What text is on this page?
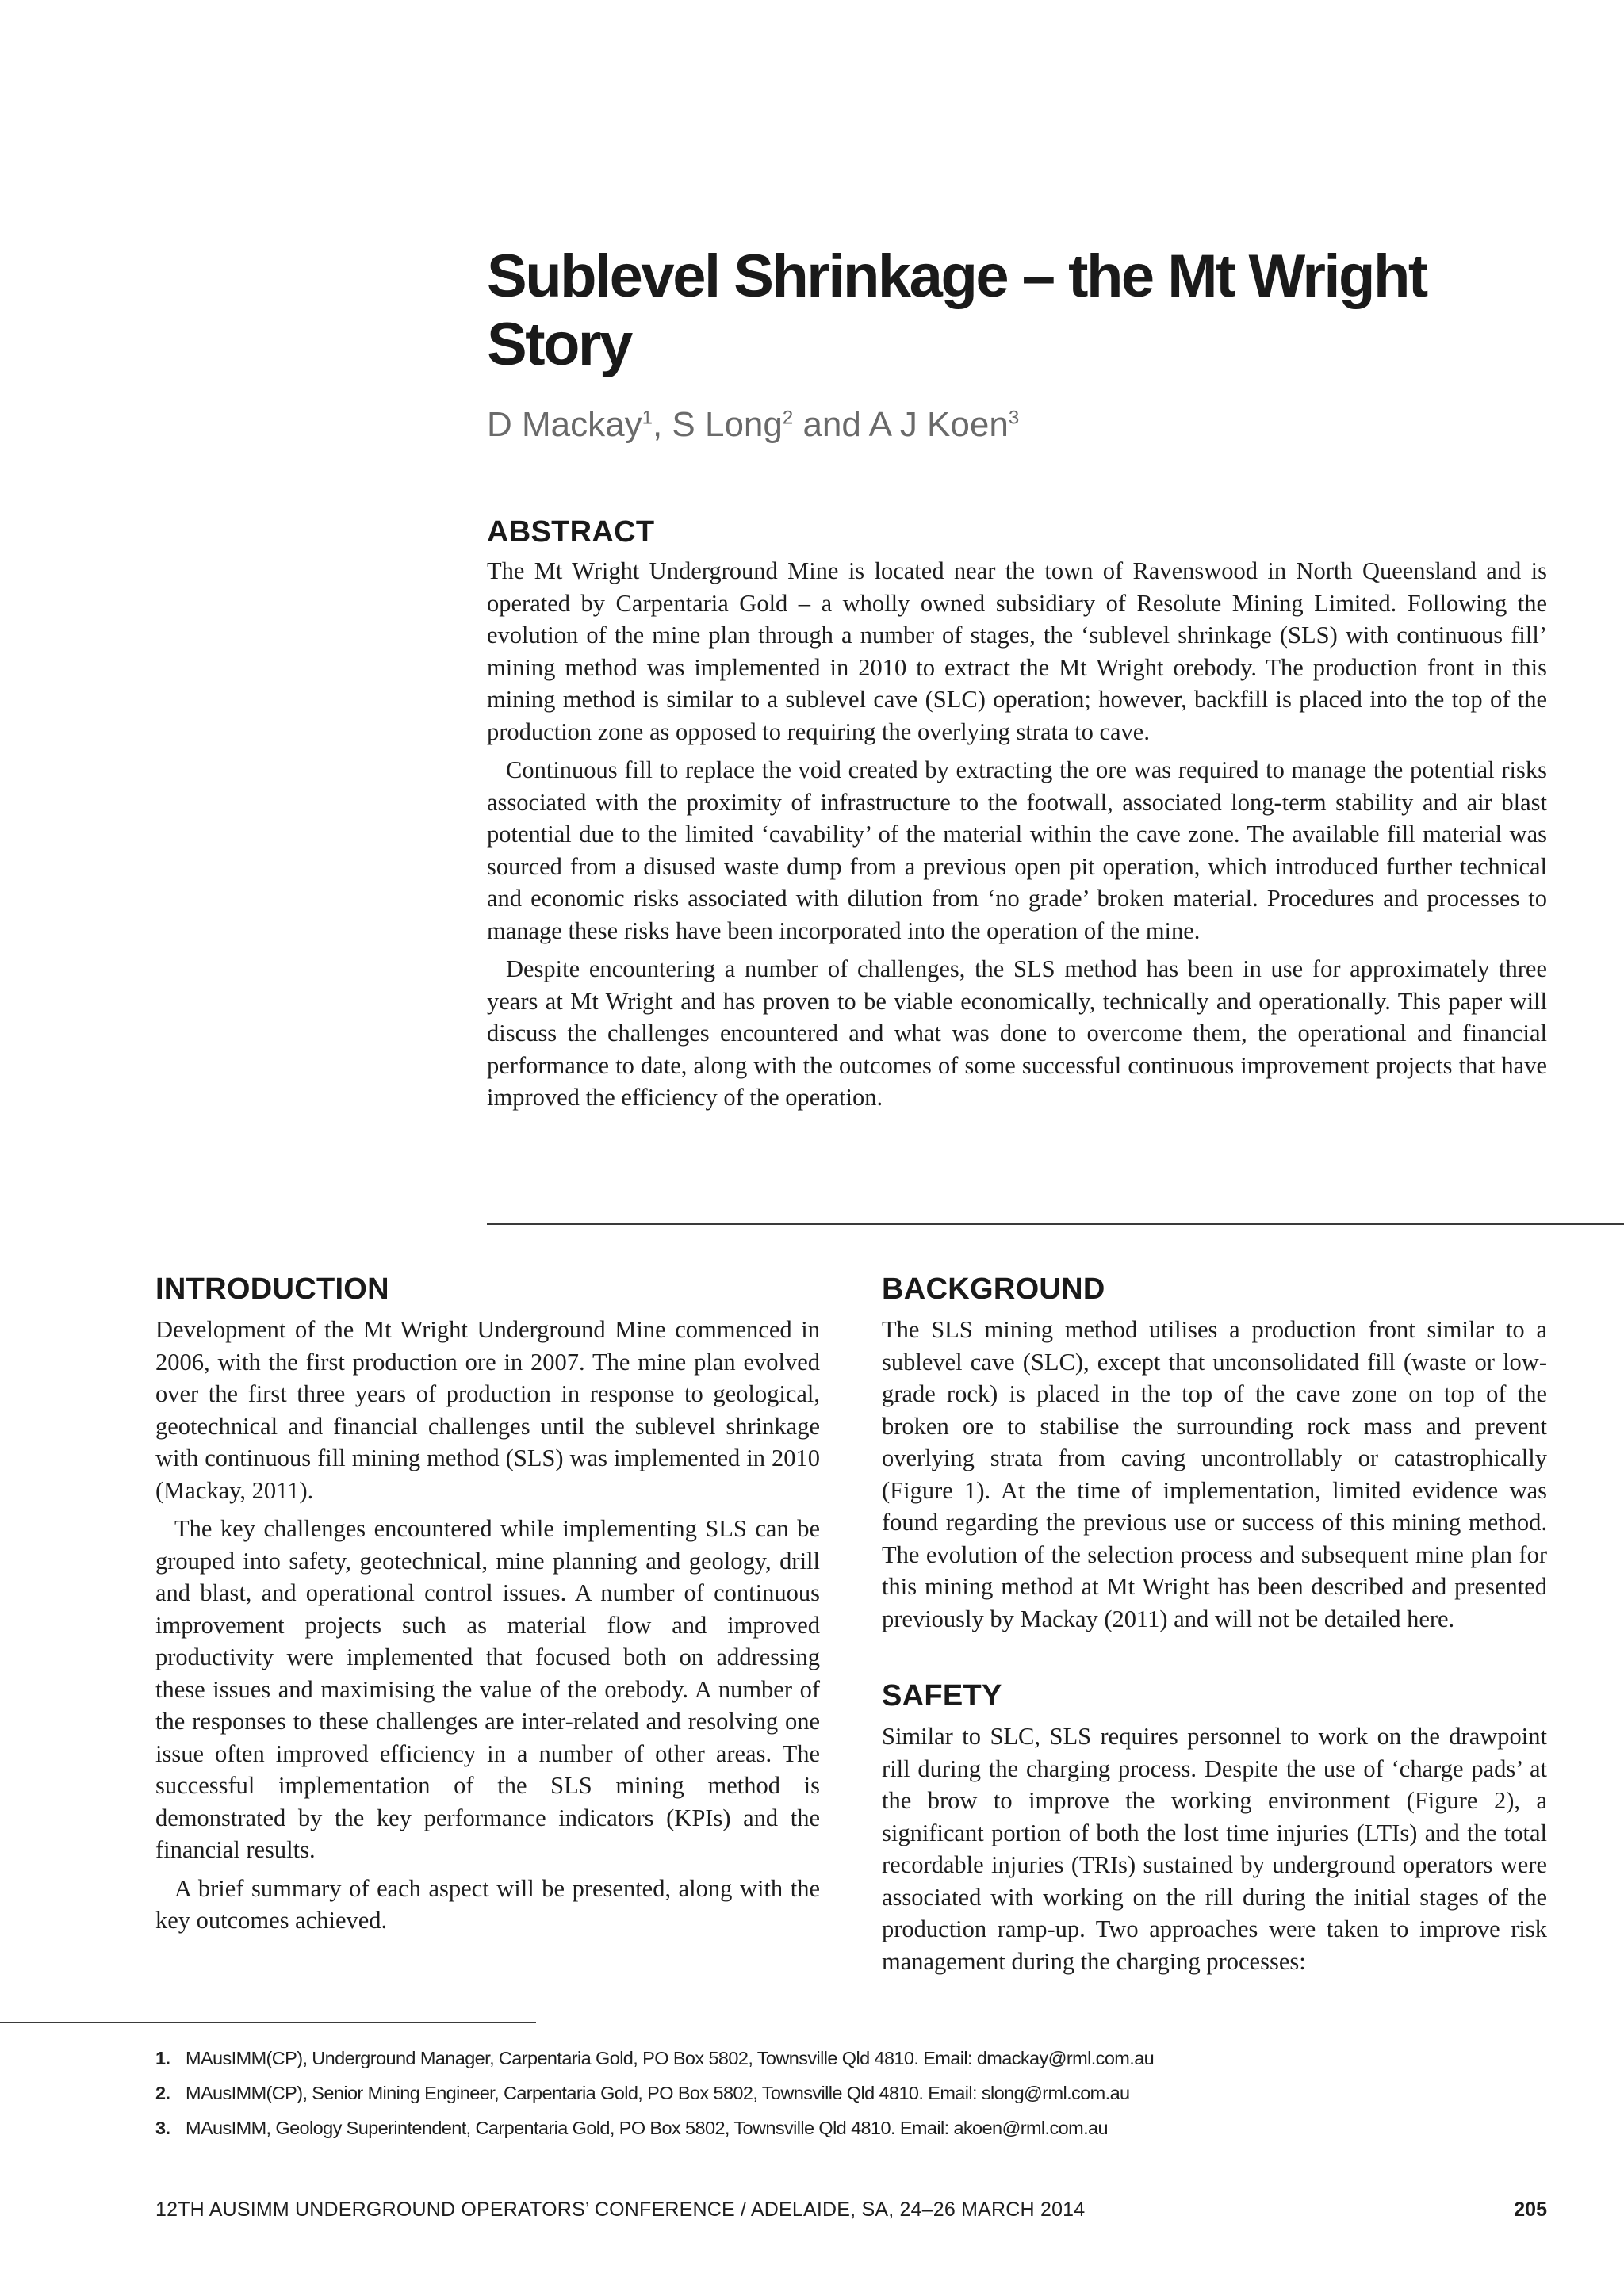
Sublevel Shrinkage – the Mt Wright Story
D Mackay$^1$, S Long$^2$ and A J Koen$^3$
ABSTRACT

The Mt Wright Underground Mine is located near the town of Ravenswood in North Queensland and is operated by Carpentaria Gold – a wholly owned subsidiary of Resolute Mining Limited. Following the evolution of the mine plan through a number of stages, the ‘sublevel shrinkage (SLS) with continuous fill’ mining method was implemented in 2010 to extract the Mt Wright orebody. The production front in this mining method is similar to a sublevel cave (SLC) operation; however, backfill is placed into the top of the production zone as opposed to requiring the overlying strata to cave.

Continuous fill to replace the void created by extracting the ore was required to manage the potential risks associated with the proximity of infrastructure to the footwall, associated long-term stability and air blast potential due to the limited ‘cavability’ of the material within the cave zone. The available fill material was sourced from a disused waste dump from a previous open pit operation, which introduced further technical and economic risks associated with dilution from ‘no grade’ broken material. Procedures and processes to manage these risks have been incorporated into the operation of the mine.

Despite encountering a number of challenges, the SLS method has been in use for approximately three years at Mt Wright and has proven to be viable economically, technically and operationally. This paper will discuss the challenges encountered and what was done to overcome them, the operational and financial performance to date, along with the outcomes of some successful continuous improvement projects that have improved the efficiency of the operation.

INTRODUCTION

Development of the Mt Wright Underground Mine commenced in 2006, with the first production ore in 2007. The mine plan evolved over the first three years of production in response to geological, geotechnical and financial challenges until the sublevel shrinkage with continuous fill mining method (SLS) was implemented in 2010 (Mackay, 2011).

The key challenges encountered while implementing SLS can be grouped into safety, geotechnical, mine planning and geology, drill and blast, and operational control issues. A number of continuous improvement projects such as material flow and improved productivity were implemented that focused both on addressing these issues and maximising the value of the orebody. A number of the responses to these challenges are inter-related and resolving one issue often improved efficiency in a number of other areas. The successful implementation of the SLS mining method is demonstrated by the key performance indicators (KPIs) and the financial results.

A brief summary of each aspect will be presented, along with the key outcomes achieved.

BACKGROUND

The SLS mining method utilises a production front similar to a sublevel cave (SLC), except that unconsolidated fill (waste or low-grade rock) is placed in the top of the cave zone on top of the broken ore to stabilise the surrounding rock mass and prevent overlying strata from caving uncontrollably or catastrophically (Figure 1). At the time of implementation, limited evidence was found regarding the previous use or success of this mining method. The evolution of the selection process and subsequent mine plan for this mining method at Mt Wright has been described and presented previously by Mackay (2011) and will not be detailed here.

SAFETY

Similar to SLC, SLS requires personnel to work on the drawpoint rill during the charging process. Despite the use of ‘charge pads’ at the brow to improve the working environment (Figure 2), a significant portion of both the lost time injuries (LTIs) and the total recordable injuries (TRIs) sustained by underground operators were associated with working on the rill during the initial stages of the production ramp-up. Two approaches were taken to improve risk management during the charging processes:

1. MAusIMM(CP), Underground Manager, Carpentaria Gold, PO Box 5802, Townsville Qld 4810. Email: dmackay@rml.com.au
2. MAusIMM(CP), Senior Mining Engineer, Carpentaria Gold, PO Box 5802, Townsville Qld 4810. Email: slong@rml.com.au
3. MAusIMM, Geology Superintendent, Carpentaria Gold, PO Box 5802, Townsville Qld 4810. Email: akoen@rml.com.au
12TH AUSIMM UNDERGROUND OPERATORS’ CONFERENCE / ADELAIDE, SA, 24–26 MARCH 2014	205
